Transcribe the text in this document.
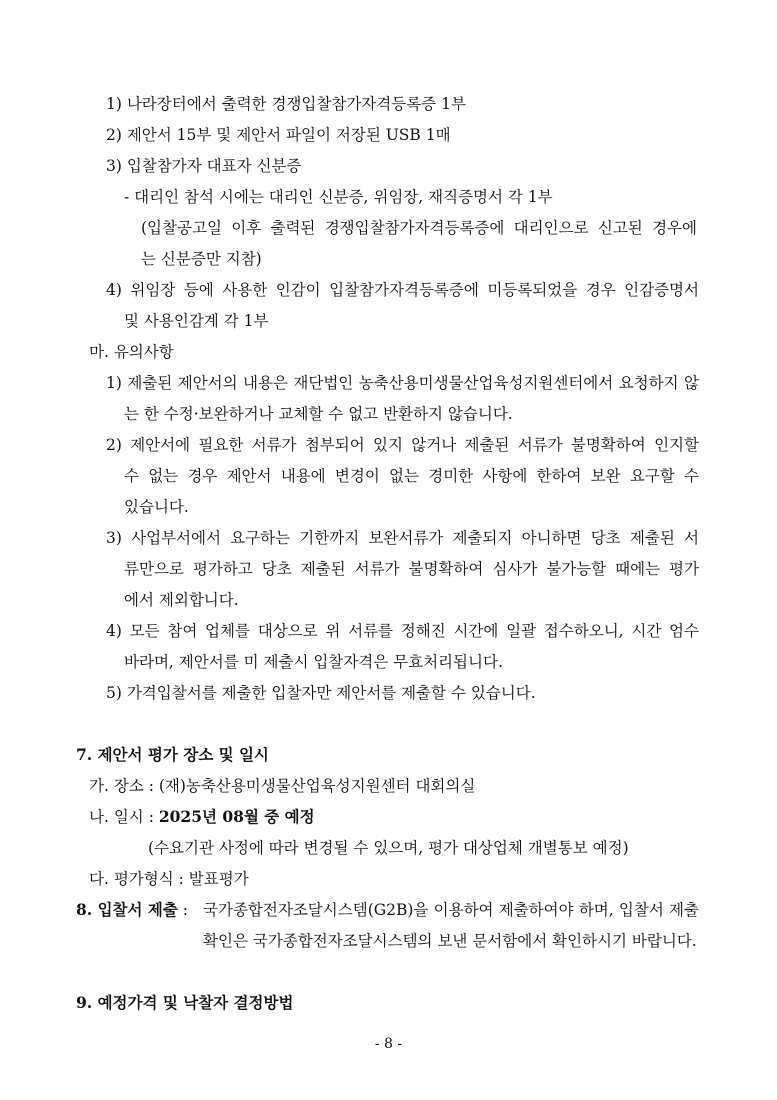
1) 나라장터에서 출력한 경쟁입찰참가자격등록증 1부
2) 제안서 15부 및 제안서 파일이 저장된 USB 1매
3) 입찰참가자 대표자 신분증
- 대리인 참석 시에는 대리인 신분증, 위임장, 재직증명서 각 1부
(입찰공고일 이후 출력된 경쟁입찰참가자격등록증에 대리인으로 신고된 경우에
는 신분증만 지참)
4) 위임장 등에 사용한 인감이 입찰참가자격등록증에 미등록되었을 경우 인감증명서
및 사용인감계 각 1부
마. 유의사항
1) 제출된 제안서의 내용은 재단법인 농축산용미생물산업육성지원센터에서 요청하지 않
는 한 수정·보완하거나 교체할 수 없고 반환하지 않습니다.
2) 제안서에 필요한 서류가 첨부되어 있지 않거나 제출된 서류가 불명확하여 인지할
수 없는 경우 제안서 내용에 변경이 없는 경미한 사항에 한하여 보완 요구할 수
있습니다.
3) 사업부서에서 요구하는 기한까지 보완서류가 제출되지 아니하면 당초 제출된 서
류만으로 평가하고 당초 제출된 서류가 불명확하여 심사가 불가능할 때에는 평가
에서 제외합니다.
4) 모든 참여 업체를 대상으로 위 서류를 정해진 시간에 일괄 접수하오니, 시간 엄수
바라며, 제안서를 미 제출시 입찰자격은 무효처리됩니다.
5) 가격입찰서를 제출한 입찰자만 제안서를 제출할 수 있습니다.
7. 제안서 평가 장소 및 일시
가. 장소 : (재)농축산용미생물산업육성지원센터 대회의실
나. 일시 : 2025년 08월 중 예정
(수요기관 사정에 따라 변경될 수 있으며, 평가 대상업체 개별통보 예정)
다. 평가형식 : 발표평가
8. 입찰서 제출 : 국가종합전자조달시스템(G2B)을 이용하여 제출하여야 하며, 입찰서 제출
확인은 국가종합전자조달시스템의 보낸 문서함에서 확인하시기 바랍니다.
9. 예정가격 및 낙찰자 결정방법
- 8 -
